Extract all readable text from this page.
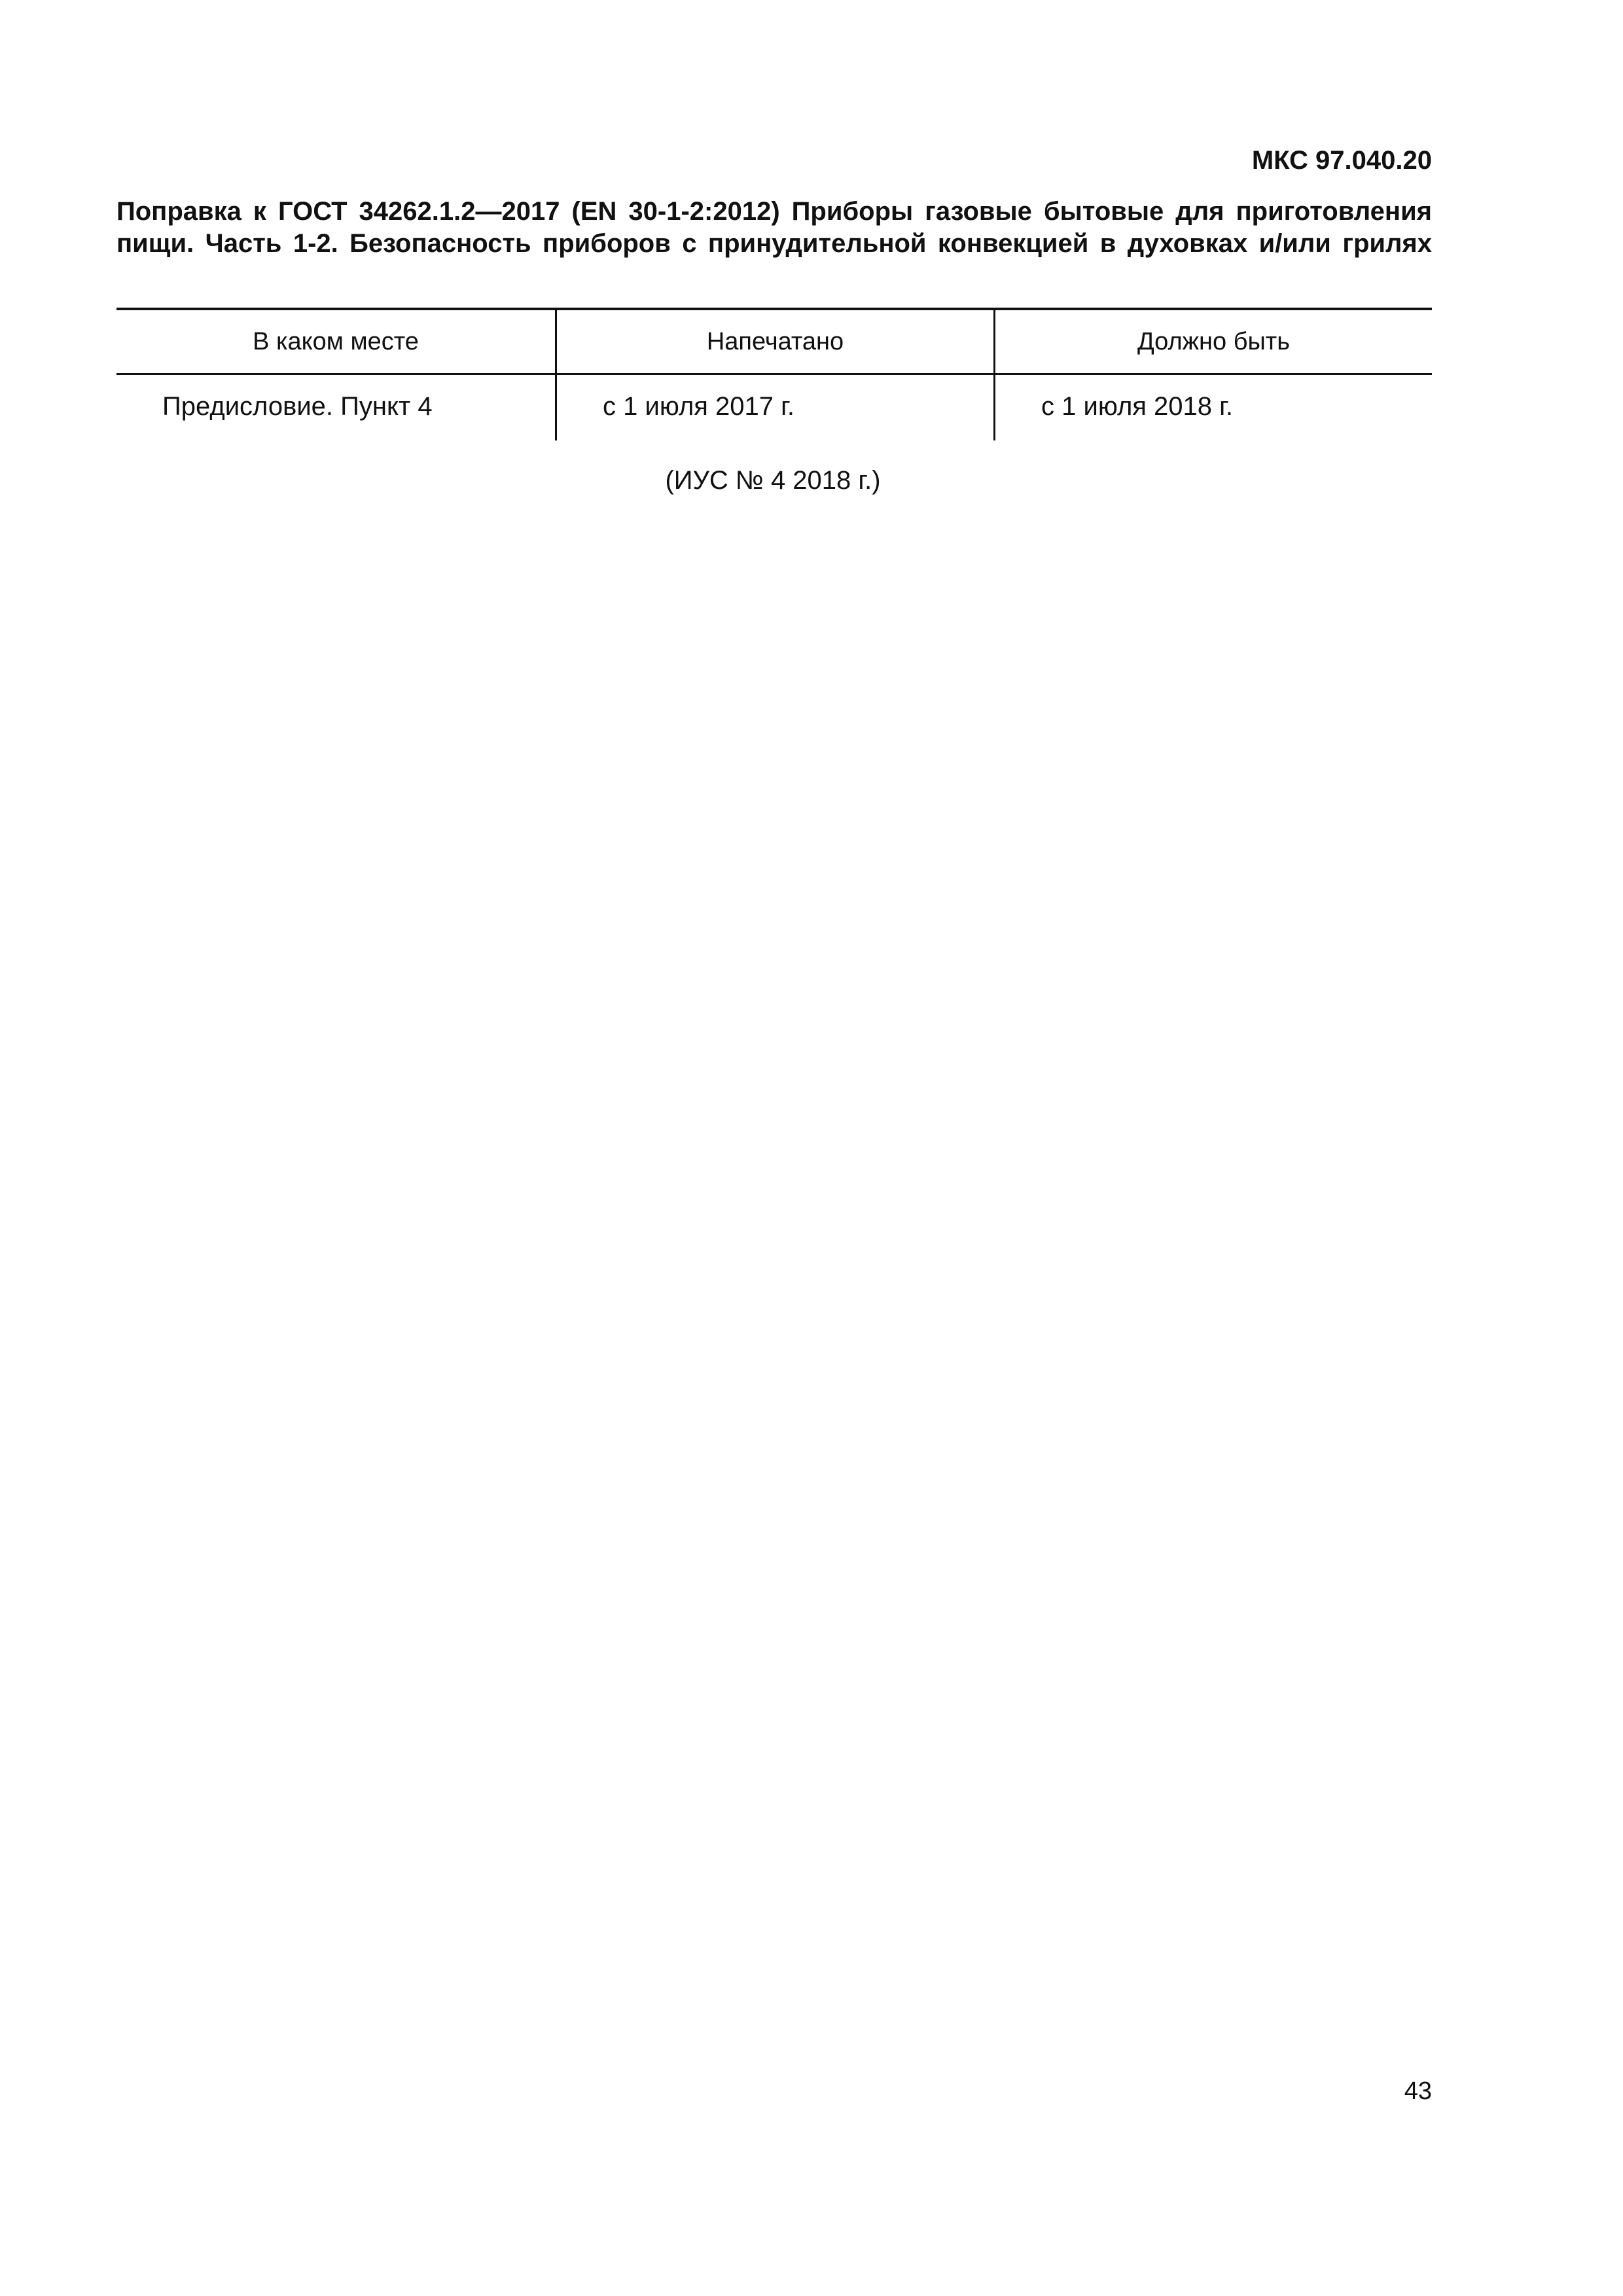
МКС 97.040.20
Поправка к ГОСТ 34262.1.2—2017 (EN 30-1-2:2012) Приборы газовые бытовые для приготовления
пищи. Часть 1-2. Безопасность приборов с принудительной конвекцией в духовках и/или грилях
В каком месте	Напечатано	Должно быть
Предисловие. Пункт 4	с 1 июля 2017 г.	с 1 июля 2018 г.
(ИУС № 4 2018 г.)
43
